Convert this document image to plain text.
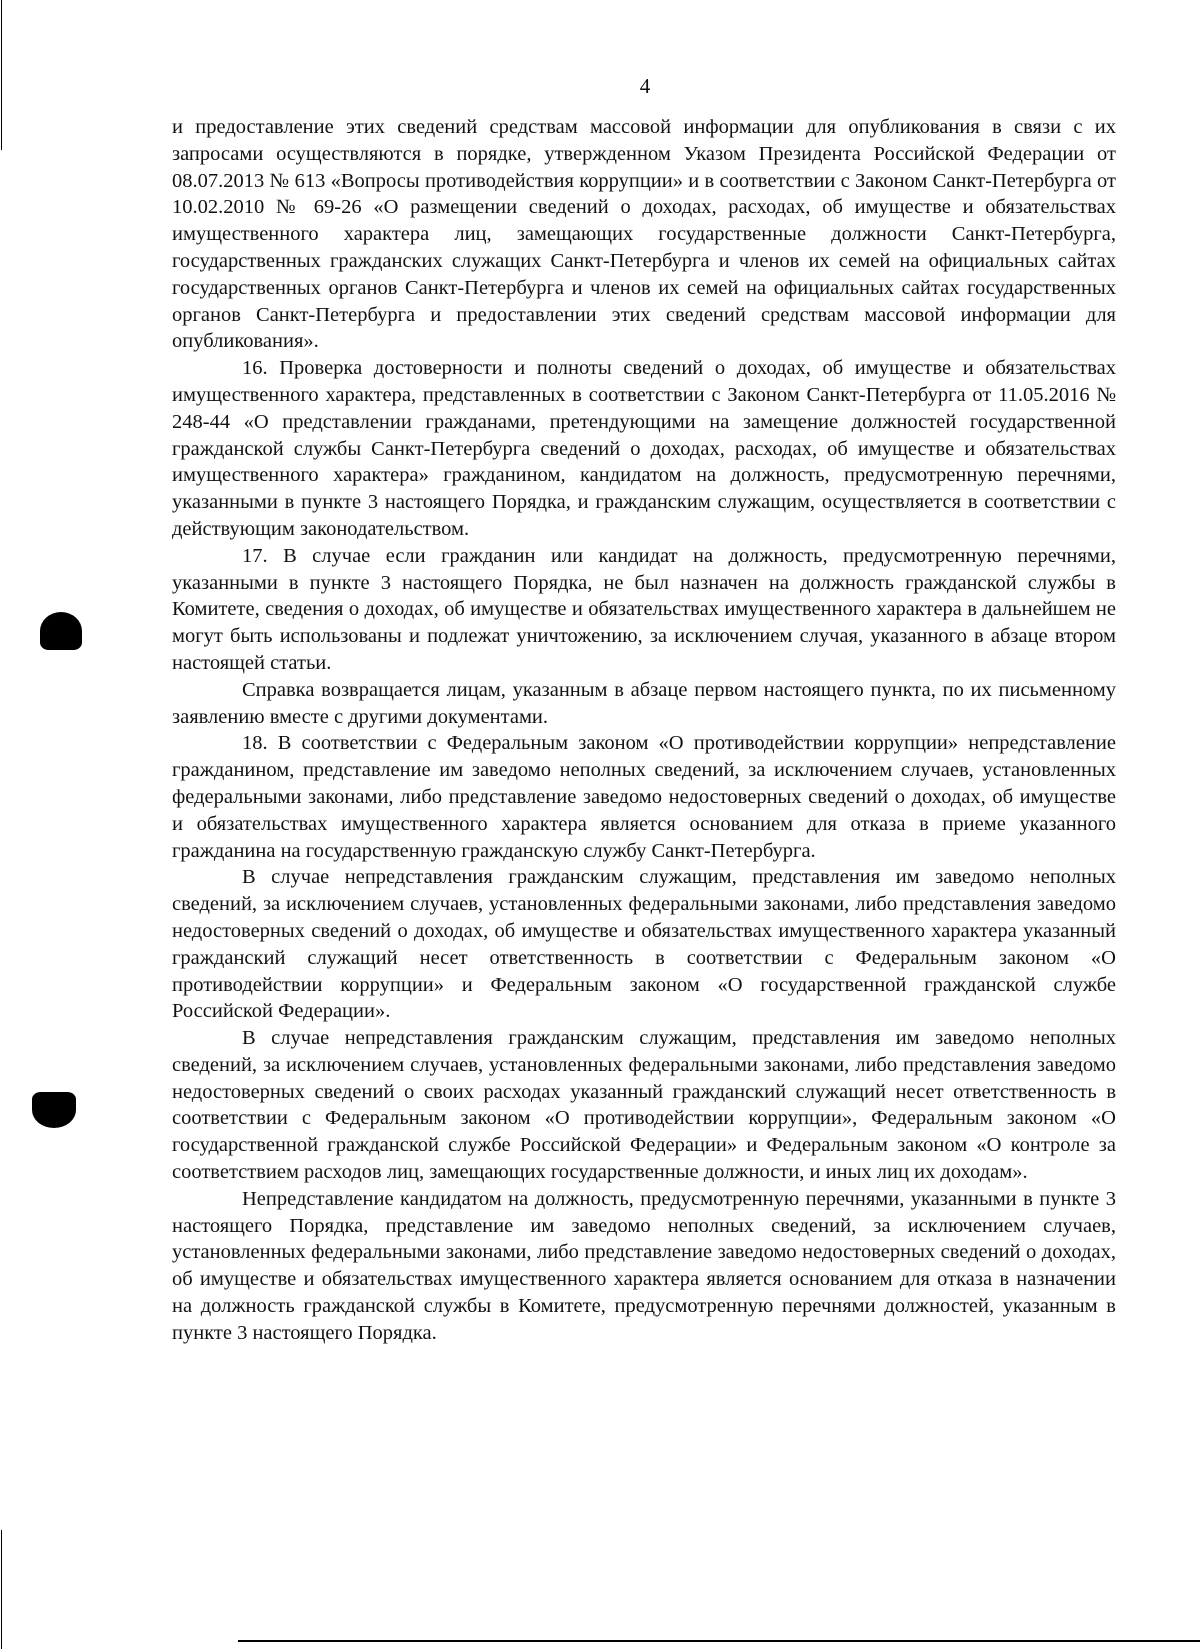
4

и предоставление этих сведений средствам массовой информации для опубликования в связи с их запросами осуществляются в порядке, утвержденном Указом Президента Российской Федерации от 08.07.2013 № 613 «Вопросы противодействия коррупции» и в соответствии с Законом Санкт-Петербурга от 10.02.2010 № 69-26 «О размещении сведений о доходах, расходах, об имуществе и обязательствах имущественного характера лиц, замещающих государственные должности Санкт-Петербурга, государственных гражданских служащих Санкт-Петербурга и членов их семей на официальных сайтах государственных органов Санкт-Петербурга и членов их семей на официальных сайтах государственных органов Санкт-Петербурга и предоставлении этих сведений средствам массовой информации для опубликования».

16. Проверка достоверности и полноты сведений о доходах, об имуществе и обязательствах имущественного характера, представленных в соответствии с Законом Санкт-Петербурга от 11.05.2016 № 248-44 «О представлении гражданами, претендующими на замещение должностей государственной гражданской службы Санкт-Петербурга сведений о доходах, расходах, об имуществе и обязательствах имущественного характера» гражданином, кандидатом на должность, предусмотренную перечнями, указанными в пункте 3 настоящего Порядка, и гражданским служащим, осуществляется в соответствии с действующим законодательством.

17. В случае если гражданин или кандидат на должность, предусмотренную перечнями, указанными в пункте 3 настоящего Порядка, не был назначен на должность гражданской службы в Комитете, сведения о доходах, об имуществе и обязательствах имущественного характера в дальнейшем не могут быть использованы и подлежат уничтожению, за исключением случая, указанного в абзаце втором настоящей статьи.

Справка возвращается лицам, указанным в абзаце первом настоящего пункта, по их письменному заявлению вместе с другими документами.

18. В соответствии с Федеральным законом «О противодействии коррупции» непредставление гражданином, представление им заведомо неполных сведений, за исключением случаев, установленных федеральными законами, либо представление заведомо недостоверных сведений о доходах, об имуществе и обязательствах имущественного характера является основанием для отказа в приеме указанного гражданина на государственную гражданскую службу Санкт-Петербурга.

В случае непредставления гражданским служащим, представления им заведомо неполных сведений, за исключением случаев, установленных федеральными законами, либо представления заведомо недостоверных сведений о доходах, об имуществе и обязательствах имущественного характера указанный гражданский служащий несет ответственность в соответствии с Федеральным законом «О противодействии коррупции» и Федеральным законом «О государственной гражданской службе Российской Федерации».

В случае непредставления гражданским служащим, представления им заведомо неполных сведений, за исключением случаев, установленных федеральными законами, либо представления заведомо недостоверных сведений о своих расходах указанный гражданский служащий несет ответственность в соответствии с Федеральным законом «О противодействии коррупции», Федеральным законом «О государственной гражданской службе Российской Федерации» и Федеральным законом «О контроле за соответствием расходов лиц, замещающих государственные должности, и иных лиц их доходам».

Непредставление кандидатом на должность, предусмотренную перечнями, указанными в пункте 3 настоящего Порядка, представление им заведомо неполных сведений, за исключением случаев, установленных федеральными законами, либо представление заведомо недостоверных сведений о доходах, об имуществе и обязательствах имущественного характера является основанием для отказа в назначении на должность гражданской службы в Комитете, предусмотренную перечнями должностей, указанным в пункте 3 настоящего Порядка.
